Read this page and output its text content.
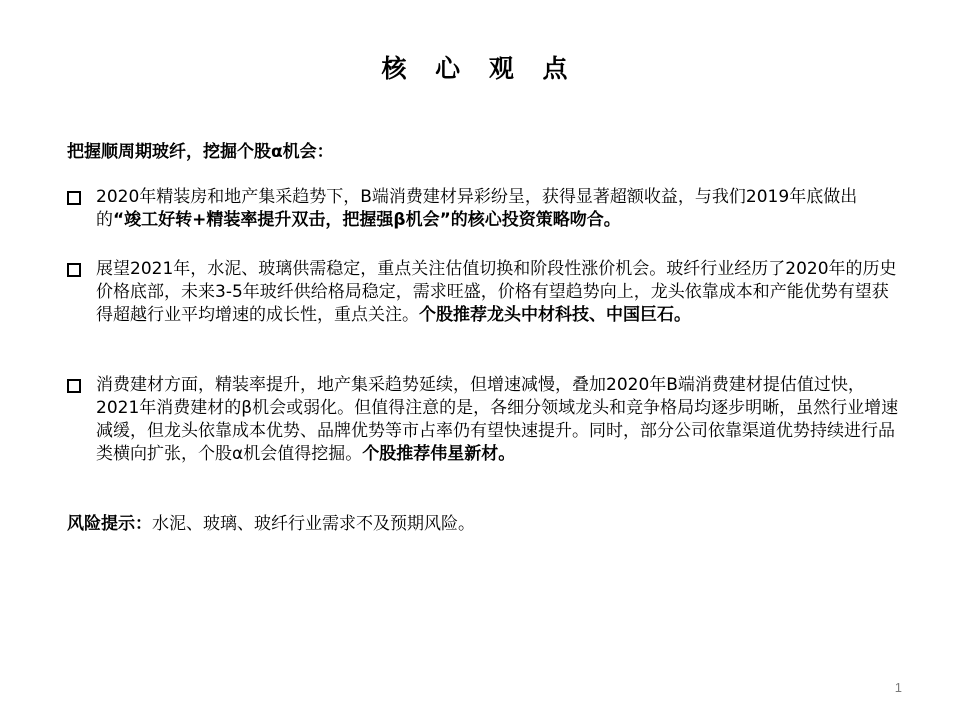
核 心 观 点
把握顺周期玻纤，挖掘个股α机会：
2020年精装房和地产集采趋势下，B端消费建材异彩纷呈，获得显著超额收益，与我们2019年底做出的“竣工好转+精装率提升双击，把握强β机会”的核心投资策略吻合。
展望2021年，水泥、玻璃供需稳定，重点关注估值切换和阶段性涨价机会。玻纤行业经历了2020年的历史价格底部，未来3-5年玻纤供给格局稳定，需求旺盛，价格有望趋势向上，龙头依靠成本和产能优势有望获得超越行业平均增速的成长性，重点关注。个股推荐龙头中材科技、中国巨石。
消费建材方面，精装率提升，地产集采趋势延续，但增速减慢，叠加2020年B端消费建材提估值过快，2021年消费建材的β机会或弱化。但值得注意的是，各细分领域龙头和竞争格局均逐步明晰，虽然行业增速减缓，但龙头依靠成本优势、品牌优势等市占率仍有望快速提升。同时，部分公司依靠渠道优势持续进行品类横向扩张，个股α机会值得挖掘。个股推荐伟星新材。
风险提示：水泥、玻璃、玻纤行业需求不及预期风险。
1
